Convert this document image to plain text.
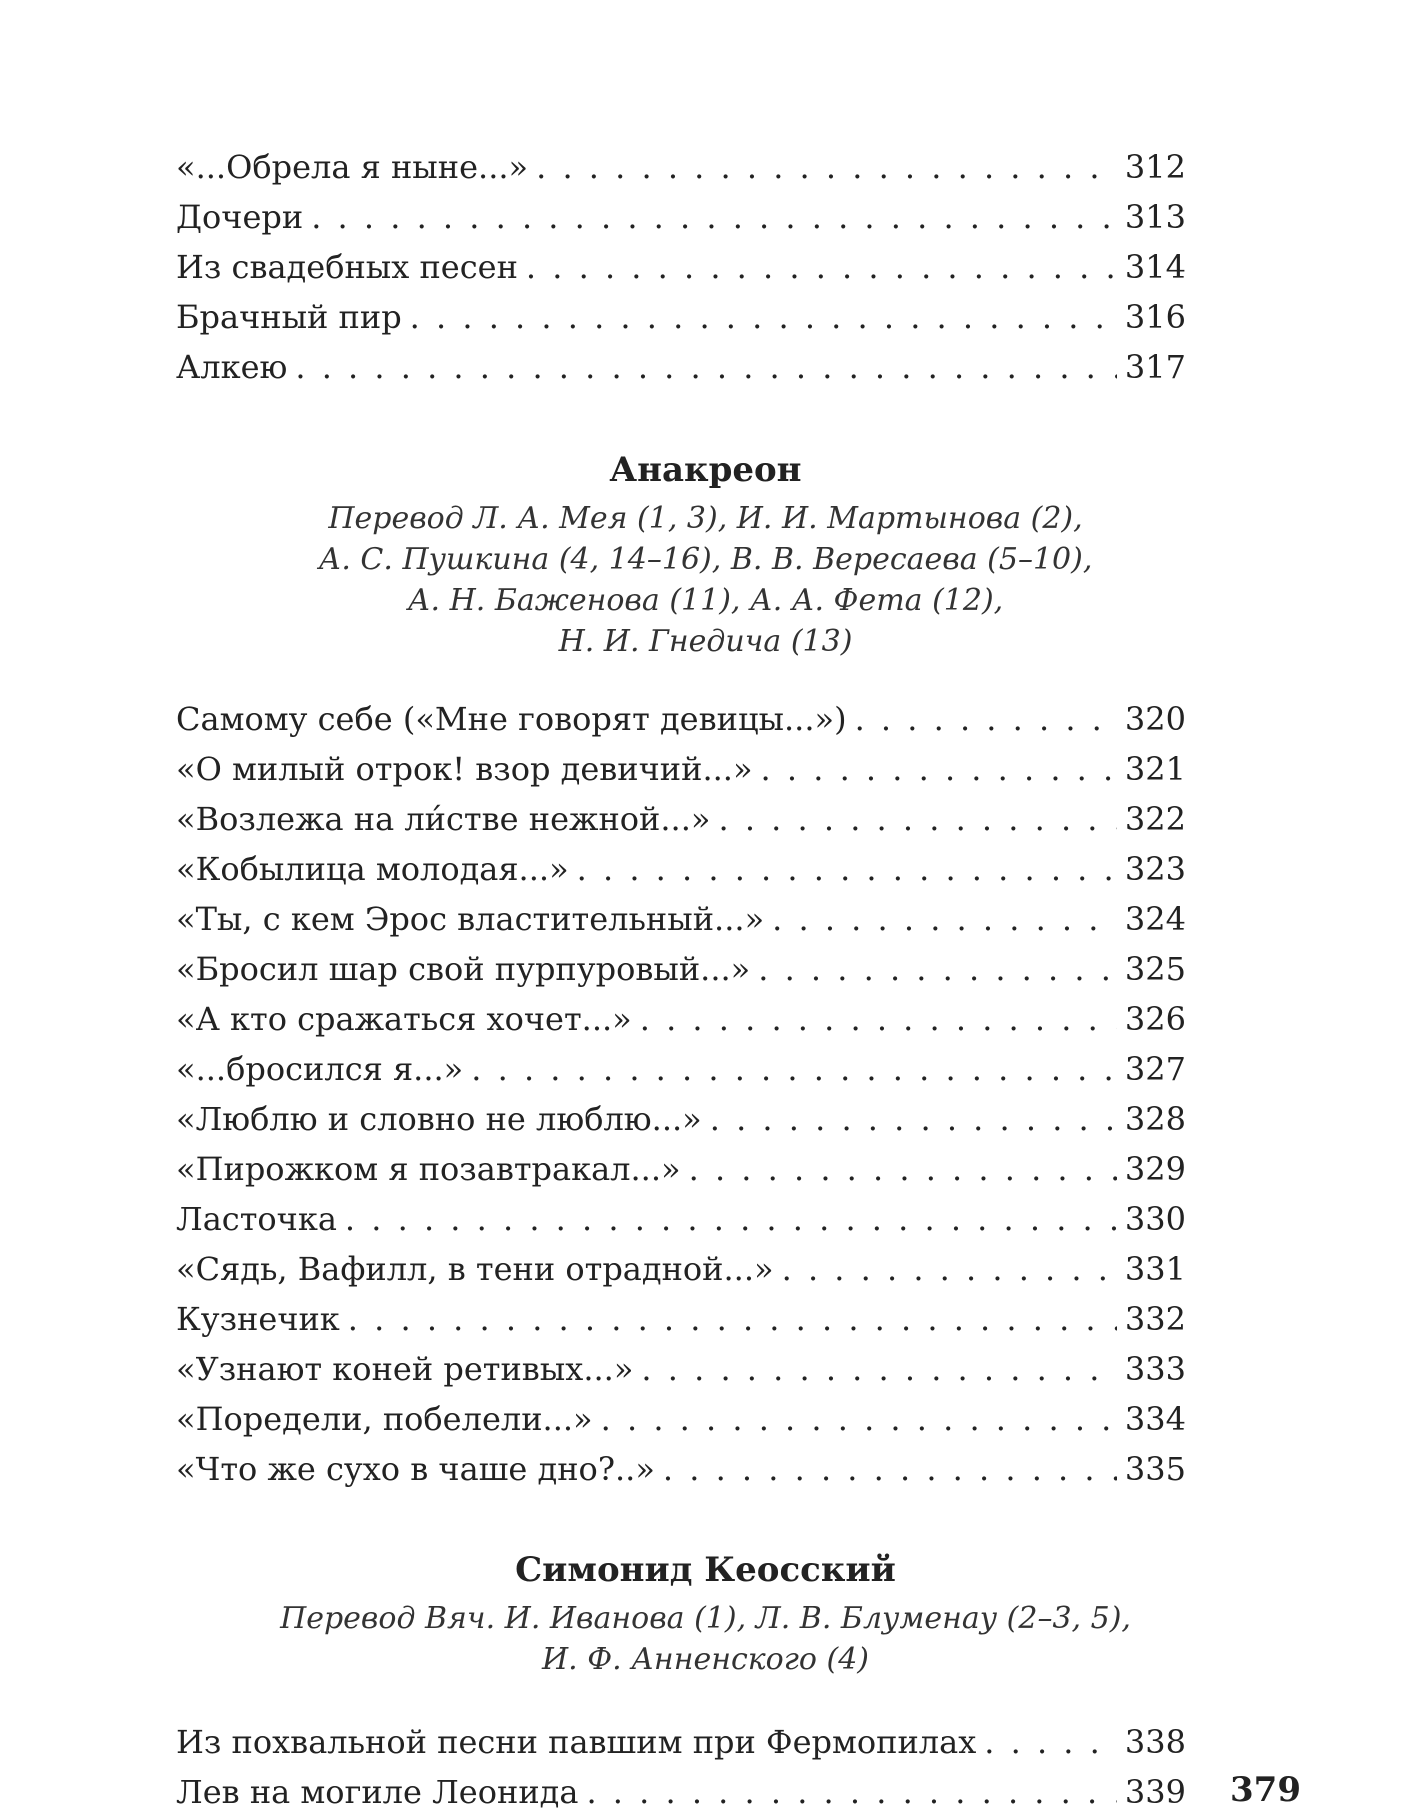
«...Обрела я ныне...» . . .	312
Дочери . . .	313
Из свадебных песен . . .	314
Брачный пир . . .	316
Алкею . . .	317

Анакреон

Перевод Л. А. Мея (1, 3), И. И. Мартынова (2),

А. С. Пушкина (4, 14–16), В. В. Вересаева (5–10),

А. Н. Баженова (11), А. А. Фета (12),

Н. И. Гнедича (13)

Самому себе («Мне говорят девицы...») . . .	320
«О милый отрок! взор девичий...» . . .	321
«Возлежа на ли́стве нежной...» . . .	322
«Кобылица молодая...» . . .	323
«Ты, с кем Эрос властительный...» . . .	324
«Бросил шар свой пурпуровый...» . . .	325
«А кто сражаться хочет...» . . .	326
«...бросился я...» . . .	327
«Люблю и словно не люблю...» . . .	328
«Пирожком я позавтракал...» . . .	329
Ласточка . . .	330
«Сядь, Вафилл, в тени отрадной...» . . .	331
Кузнечик . . .	332
«Узнают коней ретивых...» . . .	333
«Поредели, побелели...» . . .	334
«Что же сухо в чаше дно?..» . . .	335

Симонид Кеосский

Перевод Вяч. И. Иванова (1), Л. В. Блуменау (2–3, 5),

И. Ф. Анненского (4)

Из похвальной песни павшим при Фермопилах . . .	338
Лев на могиле Леонида . . .	339 379
